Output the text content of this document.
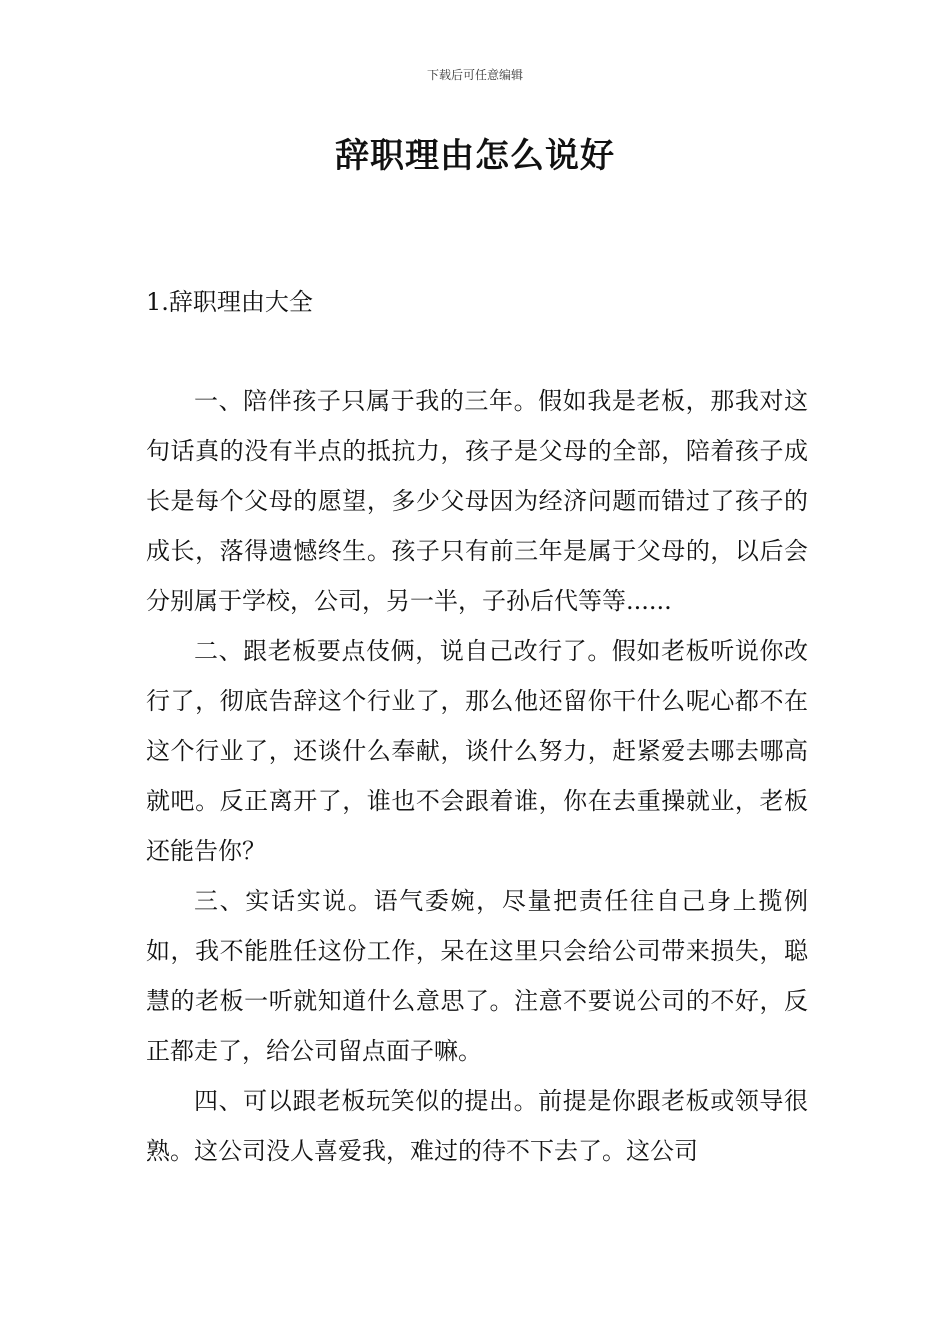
下载后可任意编辑
辞职理由怎么说好
1.辞职理由大全

一、陪伴孩子只属于我的三年。假如我是老板，那我对这句话真的没有半点的抵抗力，孩子是父母的全部，陪着孩子成长是每个父母的愿望，多少父母因为经济问题而错过了孩子的成长，落得遗憾终生。孩子只有前三年是属于父母的，以后会分别属于学校，公司，另一半，子孙后代等等......

二、跟老板要点伎俩，说自己改行了。假如老板听说你改行了，彻底告辞这个行业了，那么他还留你干什么呢心都不在这个行业了，还谈什么奉献，谈什么努力，赶紧爱去哪去哪高就吧。反正离开了，谁也不会跟着谁，你在去重操就业，老板还能告你？

三、实话实说。语气委婉，尽量把责任往自己身上揽例如，我不能胜任这份工作，呆在这里只会给公司带来损失，聪慧的老板一听就知道什么意思了。注意不要说公司的不好，反正都走了，给公司留点面子嘛。

四、可以跟老板玩笑似的提出。前提是你跟老板或领导很熟。这公司没人喜爱我，难过的待不下去了。这公司
